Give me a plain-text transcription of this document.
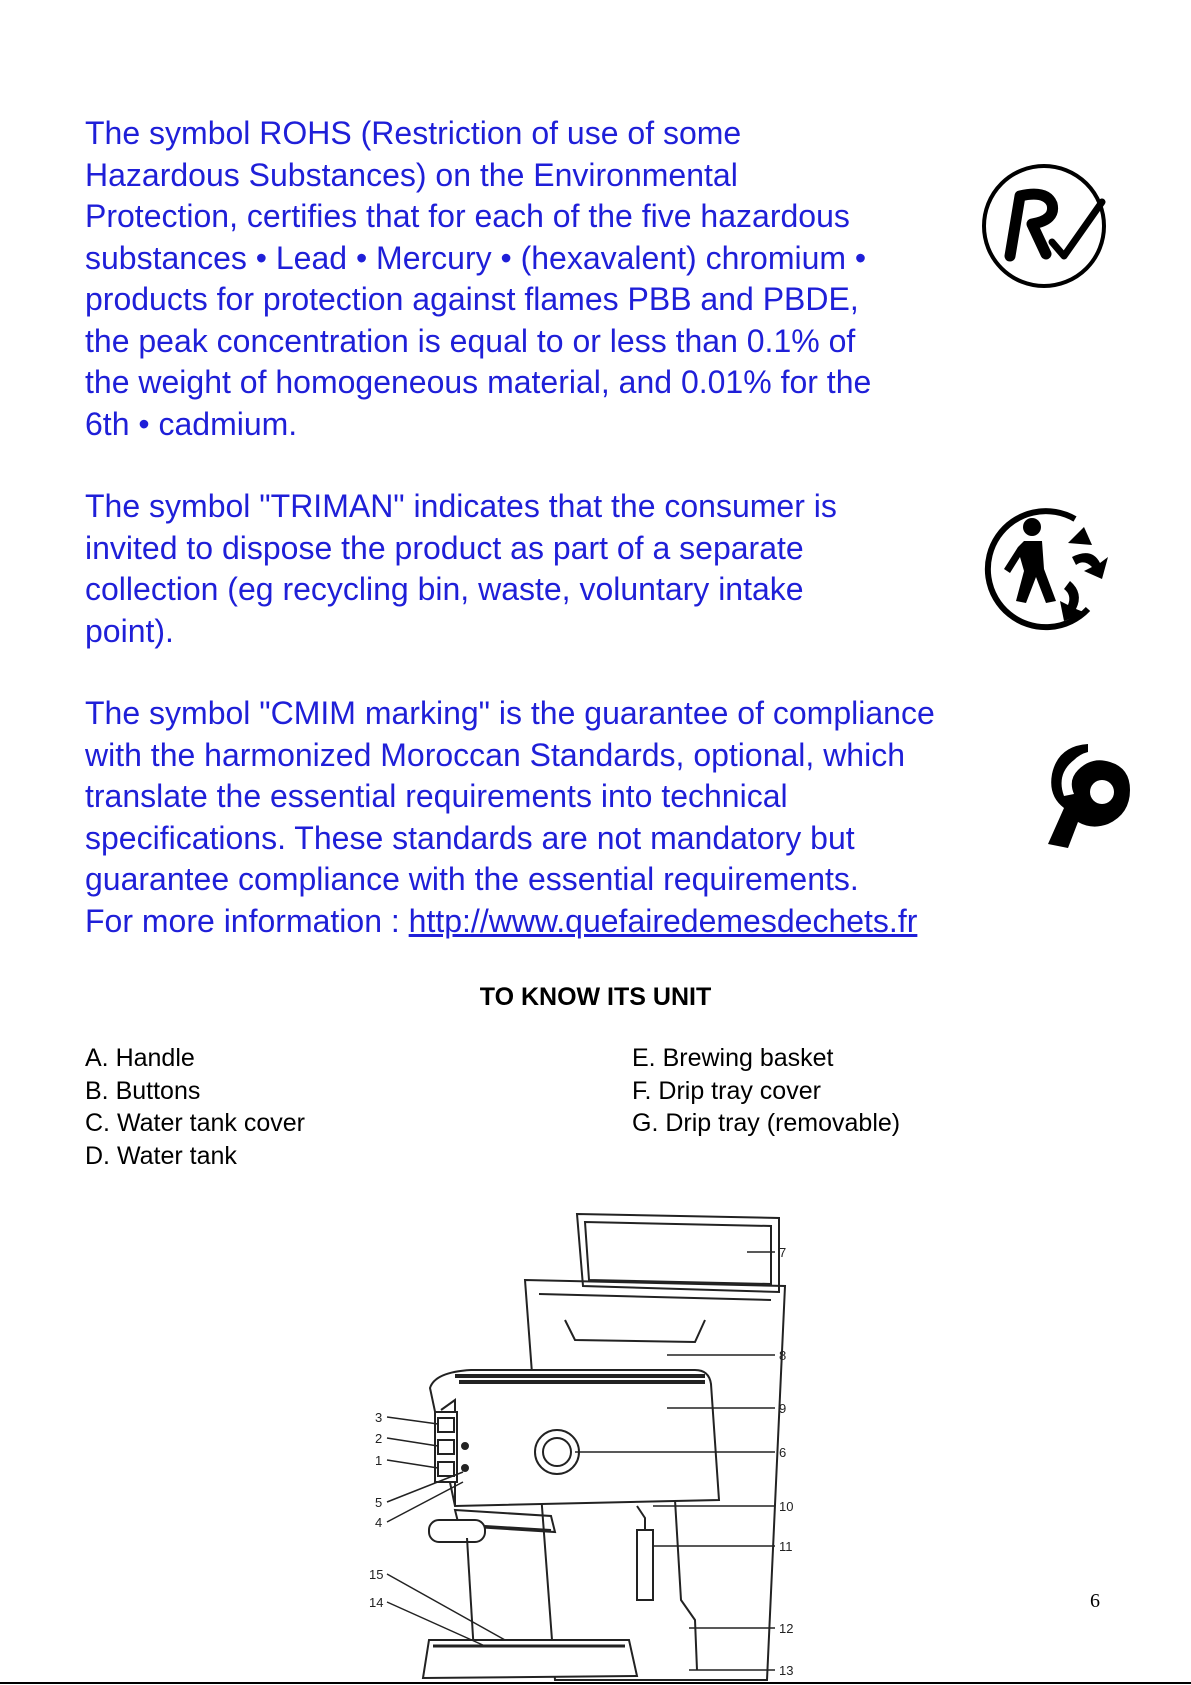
The symbol ROHS (Restriction of use of some
Hazardous Substances) on the Environmental
Protection, certifies that for each of the five hazardous
substances • Lead • Mercury • (hexavalent) chromium •
products for protection against flames PBB and PBDE,
the peak concentration is equal to or less than 0.1% of
the weight of homogeneous material, and 0.01% for the
6th • cadmium.

The symbol "TRIMAN" indicates that the consumer is
invited to dispose the product as part of a separate
collection (eg recycling bin, waste, voluntary intake
point).

The symbol "CMIM marking" is the guarantee of compliance
with the harmonized Moroccan Standards, optional, which
translate the essential requirements into technical
specifications. These standards are not mandatory but
guarantee compliance with the essential requirements.
For more information : http://www.quefairedemesdechets.fr

TO KNOW ITS UNIT
A. Handle
B. Buttons
C. Water tank cover
D. Water tank
E. Brewing basket
F. Drip tray cover
G. Drip tray (removable)
7
8
9
6
10
11
12
13
3
2
1
5
4
15
14	6
